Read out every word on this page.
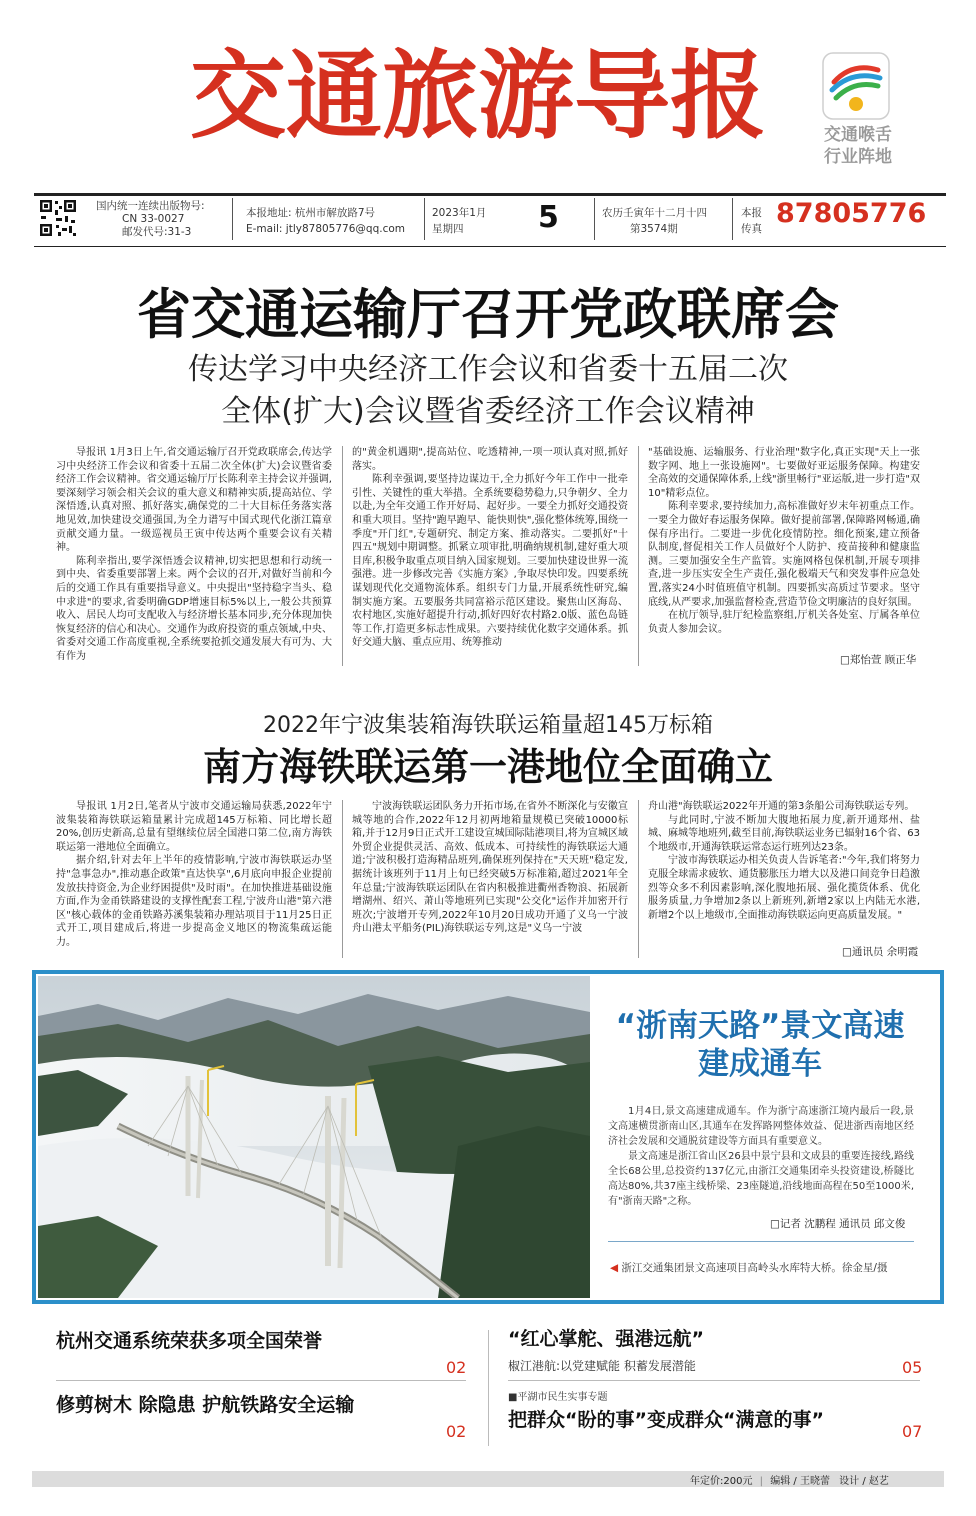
交通旅游导报	交通喉舌
行业阵地
国内统一连续出版物号:
CN 33-0027
邮发代号:31-3
本报地址: 杭州市解放路7号
E-mail: jtly87805776@qq.com
2023年1月
星期四	5	农历壬寅年十二月十四
第3574期
本报
传真 87805776
省交通运输厅召开党政联席会
传达学习中央经济工作会议和省委十五届二次
全体(扩大)会议暨省委经济工作会议精神

导报讯 1月3日上午,省交通运输厅召开党政联席会,传达学习中央经济工作会议和省委十五届二次全体(扩大)会议暨省委经济工作会议精神。省交通运输厅厅长陈利幸主持会议并强调,要深刻学习领会相关会议的重大意义和精神实质,提高站位、学深悟透,认真对照、抓好落实,确保党的二十大目标任务落实落地见效,加快建设交通强国,为全力谱写中国式现代化浙江篇章贡献交通力量。一级巡视员王寅中传达两个重要会议有关精神。

陈利幸指出,要学深悟透会议精神,切实把思想和行动统一到中央、省委重要部署上来。两个会议的召开,对做好当前和今后的交通工作具有重要指导意义。中央提出"坚持稳字当头、稳中求进"的要求,省委明确GDP增速目标5%以上,一般公共预算收入、居民人均可支配收入与经济增长基本同步,充分体现加快恢复经济的信心和决心。交通作为政府投资的重点领域,中央、省委对交通工作高度重视,全系统要抢抓交通发展大有可为、大有作为

的"黄金机遇期",提高站位、吃透精神,一项一项认真对照,抓好落实。

陈利幸强调,要坚持边谋边干,全力抓好今年工作中一批牵引性、关键性的重大举措。全系统要稳势稳力,只争朝夕、全力以赴,为全年交通工作开好局、起好步。一要全力抓好交通投资和重大项目。坚持"跑早跑早、能快则快",强化整体统筹,围绕一季度"开门红",专题研究、制定方案、推动落实。二要抓好"十四五"规划中期调整。抓紧立项审批,明确纳规机制,建好重大项目库,积极争取重点项目纳入国家规划。三要加快建设世界一流强港。进一步修改完善《实施方案》,争取尽快印发。四要系统谋划现代化交通物流体系。组织专门力量,开展系统性研究,编制实施方案。五要服务共同富裕示范区建设。聚焦山区海岛、农村地区,实施好超提升行动,抓好四好农村路2.0版、蓝色岛链等工作,打造更多标志性成果。六要持续优化数字交通体系。抓好交通大脑、重点应用、统筹推动

"基础设施、运输服务、行业治理"数字化,真正实现"天上一张数字网、地上一张设施网"。七要做好亚运服务保障。构建安全高效的交通保障体系,上线"浙里畅行"亚运版,进一步打造"双10"精彩点位。

陈利幸要求,要持续加力,高标准做好岁末年初重点工作。一要全力做好春运服务保障。做好提前部署,保障路网畅通,确保有序出行。二要进一步优化疫情防控。细化预案,建立预备队制度,督促相关工作人员做好个人防护、疫苗接种和健康监测。三要加强安全生产监管。实施网格包保机制,开展专项排查,进一步压实安全生产责任,强化极端天气和突发事件应急处置,落实24小时值班值守机制。四要抓实高质过节要求。坚守底线,从严要求,加强监督检查,营造节俭文明廉洁的良好氛围。

在杭厅领导,驻厅纪检监察组,厅机关各处室、厅属各单位负责人参加会议。

□郑怡萱 顾正华
2022年宁波集装箱海铁联运箱量超145万标箱
南方海铁联运第一港地位全面确立

导报讯 1月2日,笔者从宁波市交通运输局获悉,2022年宁波集装箱海铁联运箱量累计完成超145万标箱、同比增长超20%,创历史新高,总量有望继续位居全国港口第二位,南方海铁联运第一港地位全面确立。

据介绍,针对去年上半年的疫情影响,宁波市海铁联运办坚持"急事急办",推动惠企政策"直达快享",6月底向申报企业提前发放扶持资金,为企业纾困提供"及时雨"。在加快推进基础设施方面,作为金甬铁路建设的支撑性配套工程,宁波舟山港"第六港区"核心载体的金甬铁路苏溪集装箱办理站项目于11月25日正式开工,项目建成后,将进一步提高金义地区的物流集疏运能力。

宁波海铁联运团队务力开拓市场,在省外不断深化与安徽宣城等地的合作,2022年12月初两地箱量规模已突破10000标箱,并于12月9日正式开工建设宣城国际陆港项目,将为宣城区域外贸企业提供灵活、高效、低成本、可持续性的海铁联运大通道;宁波积极打造海精品班列,确保班列保持在"天天班"稳定发,据统计该班列于11月上旬已经突破5万标准箱,超过2021年全年总量;宁波海铁联运团队在省内积极推进衢州香物浪、拓展新增湖州、绍兴、萧山等地班列已实现"公交化"运作并加密开行班次;宁波增开专列,2022年10月20日成功开通了义乌一宁波舟山港太平船务(PIL)海铁联运专列,这是"义乌一宁波

舟山港"海铁联运2022年开通的第3条船公司海铁联运专列。

与此同时,宁波不断加大腹地拓展力度,新开通郑州、盐城、麻城等地班列,截至目前,海铁联运业务已辐射16个省、63个地级市,开通海铁联运常态运行班列达23条。

宁波市海铁联运办相关负责人告诉笔者:"今年,我们将努力克服全球需求疲软、通货膨胀压力增大以及港口间竞争日趋激烈等众多不利因素影响,深化腹地拓展、强化揽货体系、优化服务质量,力争增加2条以上新班列,新增2家以上内陆无水港,新增2个以上地级市,全面推动海铁联运向更高质量发展。"

□通讯员 余明霞
“浙南天路”景文高速
建成通车

1月4日,景文高速建成通车。作为浙宁高速浙江境内最后一段,景文高速横贯浙南山区,其通车在发挥路网整体效益、促进浙西南地区经济社会发展和交通脱贫建设等方面具有重要意义。

景文高速是浙江省山区26县中景宁县和文成县的重要连接线,路线全长68公里,总投资约137亿元,由浙江交通集团牵头投资建设,桥隧比高达80%,共37座主线桥梁、23座隧道,沿线地面高程在50至1000米,有"浙南天路"之称。

□记者 沈鹏程 通讯员 邱文俊
◀ 浙江交通集团景文高速项目高岭头水库特大桥。徐金星/摄
杭州交通系统荣获多项全国荣誉
02
修剪树木 除隐患 护航铁路安全运输
02
“红心掌舵、强港远航”
椒江港航:以党建赋能 积蓄发展潜能	05
■平湖市民生实事专题
把群众“盼的事”变成群众“满意的事”
07
年定价:200元 | 编辑 / 王晓蕾 设计 / 赵艺
